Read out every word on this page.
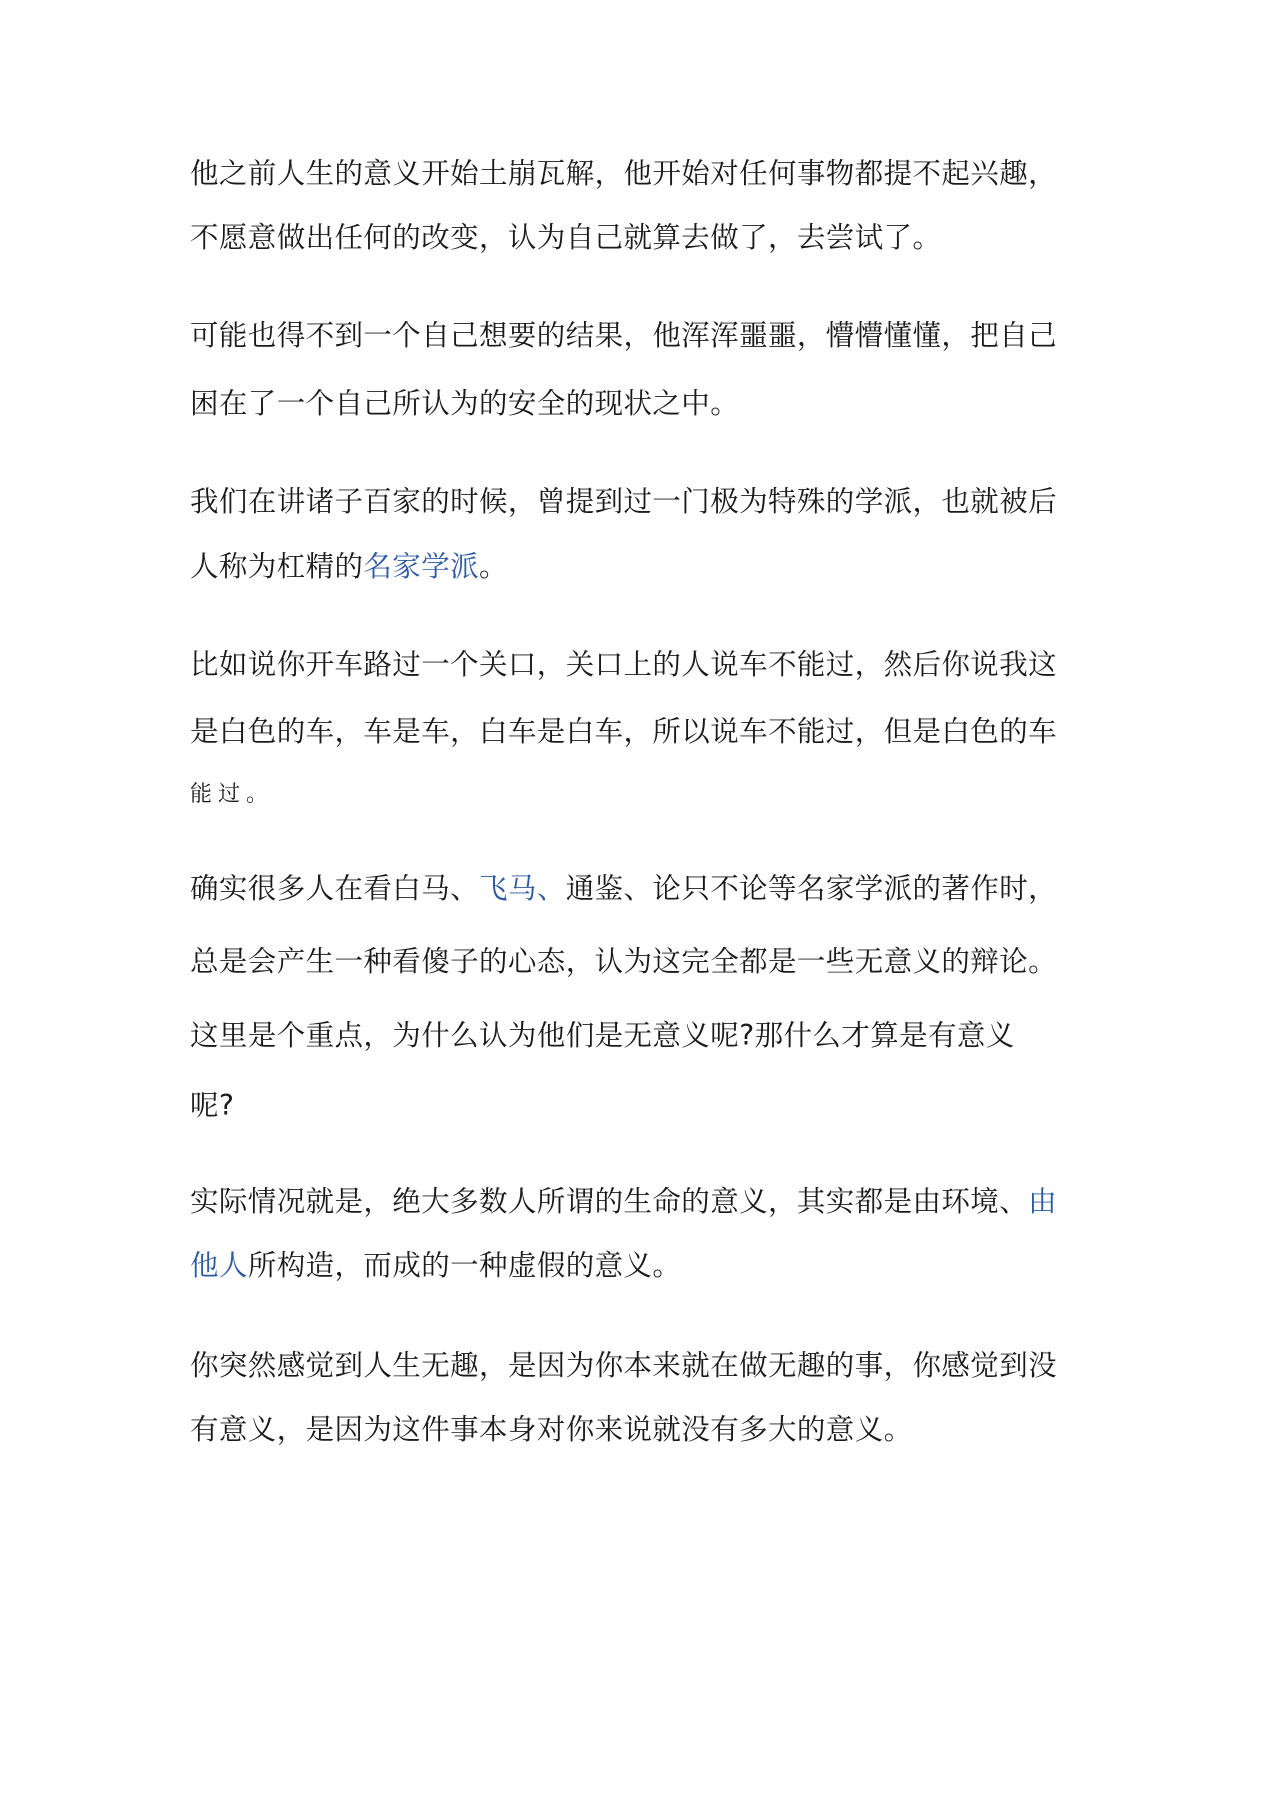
他之前人生的意义开始土崩瓦解，他开始对任何事物都提不起兴趣，
不愿意做出任何的改变，认为自己就算去做了，去尝试了。
可能也得不到一个自己想要的结果，他浑浑噩噩，懵懵懂懂，把自己
困在了一个自己所认为的安全的现状之中。
我们在讲诸子百家的时候，曾提到过一门极为特殊的学派，也就被后
人称为杠精的名家学派。
比如说你开车路过一个关口，关口上的人说车不能过，然后你说我这
是白色的车，车是车，白车是白车，所以说车不能过，但是白色的车
能过。
确实很多人在看白马、飞马、通鉴、论只不论等名家学派的著作时，
总是会产生一种看傻子的心态，认为这完全都是一些无意义的辩论。
这里是个重点，为什么认为他们是无意义呢?那什么才算是有意义
呢?
实际情况就是，绝大多数人所谓的生命的意义，其实都是由环境、由
他人所构造，而成的一种虚假的意义。
你突然感觉到人生无趣，是因为你本来就在做无趣的事，你感觉到没
有意义，是因为这件事本身对你来说就没有多大的意义。
